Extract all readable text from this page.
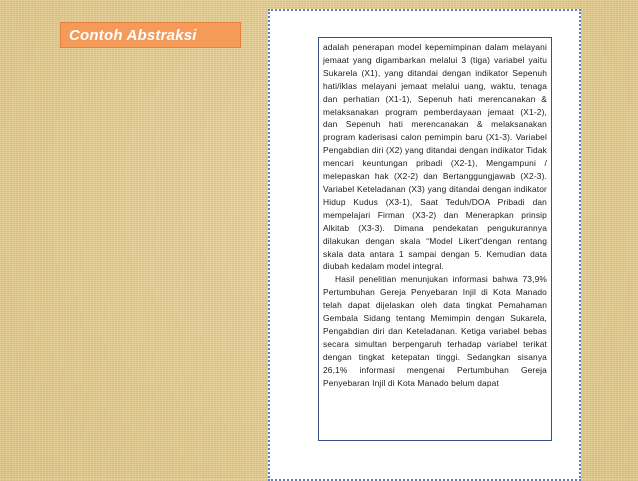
Contoh Abstraksi

adalah penerapan model kepemimpinan dalam melayani jemaat yang digambarkan melalui 3 (tiga) variabel yaitu Sukarela (X1), yang ditandai dengan indikator Sepenuh hati/iklas melayani jemaat melalui uang, waktu, tenaga dan perhatian (X1-1), Sepenuh hati merencanakan & melaksanakan program pemberdayaan jemaat (X1-2), dan Sepenuh hati merencanakan & melaksanakan program kaderisasi calon pemimpin baru (X1-3). Variabel Pengabdian diri (X2) yang ditandai dengan indikator Tidak mencari keuntungan pribadi (X2-1), Mengampuni / melepaskan hak (X2-2) dan Bertanggungjawab (X2-3). Variabel Keteladanan (X3) yang ditandai dengan indikator Hidup Kudus (X3-1), Saat Teduh/DOA Pribadi dan mempelajari Firman (X3-2) dan Menerapkan prinsip Alkitab (X3-3). Dimana pendekatan pengukurannya dilakukan dengan skala “Model Likert”dengan rentang skala data antara 1 sampai dengan 5. Kemudian data diubah kedalam model integral.

Hasil penelitian menunjukan informasi bahwa 73,9% Pertumbuhan Gereja Penyebaran Injil di Kota Manado telah dapat dijelaskan oleh data tingkat Pemahaman Gembala Sidang tentang Memimpin dengan Sukarela, Pengabdian diri dan Keteladanan. Ketiga variabel bebas secara simultan berpengaruh terhadap variabel terikat dengan tingkat ketepatan tinggi. Sedangkan sisanya 26,1% informasi mengenai Pertumbuhan Gereja Penyebaran Injil di Kota Manado belum dapat
